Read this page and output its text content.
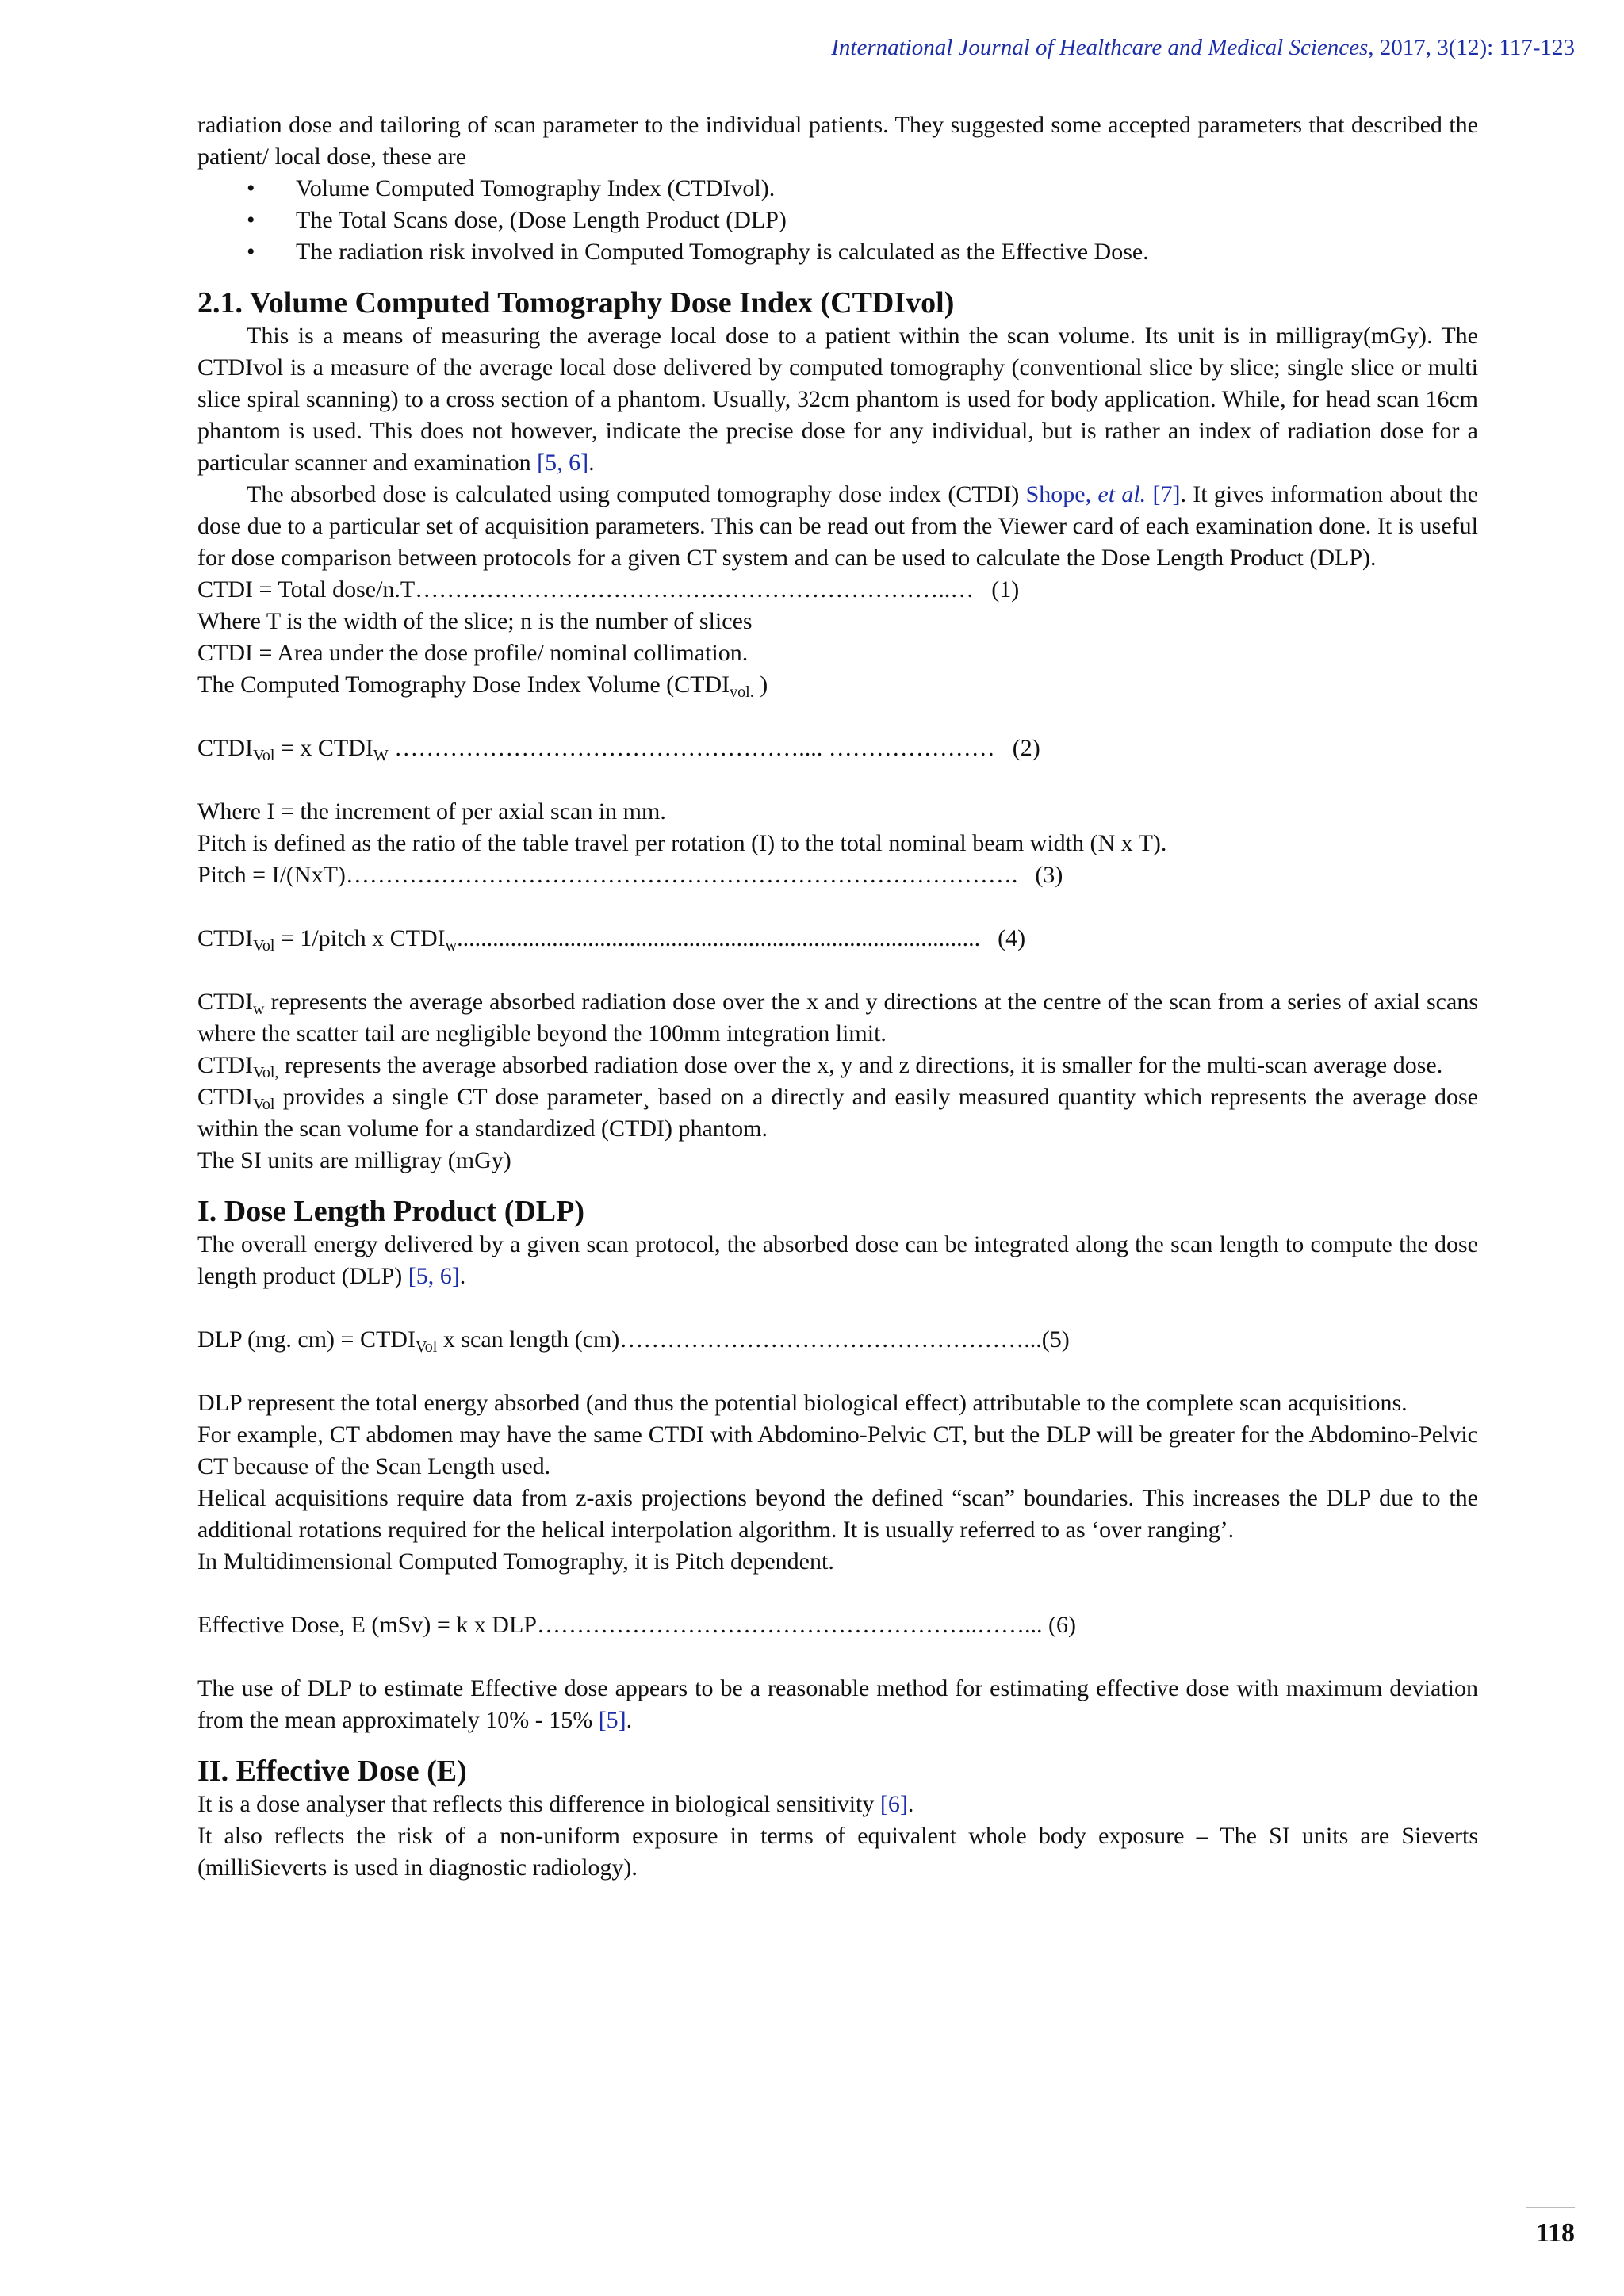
International Journal of Healthcare and Medical Sciences, 2017, 3(12): 117-123

radiation dose and tailoring of scan parameter to the individual patients. They suggested some accepted parameters that described the patient/ local dose, these are

• Volume Computed Tomography Index (CTDIvol).
• The Total Scans dose, (Dose Length Product (DLP)
• The radiation risk involved in Computed Tomography is calculated as the Effective Dose.
2.1. Volume Computed Tomography Dose Index (CTDIvol)

This is a means of measuring the average local dose to a patient within the scan volume. Its unit is in milligray(mGy). The CTDIvol is a measure of the average local dose delivered by computed tomography (conventional slice by slice; single slice or multi slice spiral scanning) to a cross section of a phantom. Usually, 32cm phantom is used for body application. While, for head scan 16cm phantom is used. This does not however, indicate the precise dose for any individual, but is rather an index of radiation dose for a particular scanner and examination [5, 6].

The absorbed dose is calculated using computed tomography dose index (CTDI) Shope, et al. [7]. It gives information about the dose due to a particular set of acquisition parameters. This can be read out from the Viewer card of each examination done. It is useful for dose comparison between protocols for a given CT system and can be used to calculate the Dose Length Product (DLP).

CTDI = Total dose/n.T…………………………………………………………..… (1)

Where T is the width of the slice; n is the number of slices

CTDI = Area under the dose profile/ nominal collimation.

The Computed Tomography Dose Index Volume ($CTDI_{vol.}$ )

$CTDI_{Vol} = x$ $CTDI_W$ …………………………………………….... ………………… (2)

Where I = the increment of per axial scan in mm.

Pitch is defined as the ratio of the table travel per rotation (I) to the total nominal beam width (N x T).

Pitch = I/(NxT)…………………………………………………………………………. (3)

$CTDI_{Vol}$ = 1/pitch x $CTDI_w$........................................................................................ (4)

$CTDI_w$ represents the average absorbed radiation dose over the x and y directions at the centre of the scan from a series of axial scans where the scatter tail are negligible beyond the 100mm integration limit.

$CTDI_{Vol,}$ represents the average absorbed radiation dose over the x, y and z directions, it is smaller for the multi-scan average dose.

$CTDI_{Vol}$ provides a single CT dose parameter¸ based on a directly and easily measured quantity which represents the average dose within the scan volume for a standardized (CTDI) phantom.

The SI units are milligray (mGy)

I. Dose Length Product (DLP)

The overall energy delivered by a given scan protocol, the absorbed dose can be integrated along the scan length to compute the dose length product (DLP) [5, 6].

DLP (mg. $cm) = CTDI_{Vol}$ x scan length (cm)……………………………………………...(5)

DLP represent the total energy absorbed (and thus the potential biological effect) attributable to the complete scan acquisitions.

For example, CT abdomen may have the same CTDI with Abdomino-Pelvic CT, but the DLP will be greater for the Abdomino-Pelvic CT because of the Scan Length used.

Helical acquisitions require data from z-axis projections beyond the defined “scan” boundaries. This increases the DLP due to the additional rotations required for the helical interpolation algorithm. It is usually referred to as ‘over ranging’.

In Multidimensional Computed Tomography, it is Pitch dependent.

Effective Dose, E (mSv) = k x DLP………………………………………………..……... (6)

The use of DLP to estimate Effective dose appears to be a reasonable method for estimating effective dose with maximum deviation from the mean approximately 10% - 15% [5].

II. Effective Dose (E)

It is a dose analyser that reflects this difference in biological sensitivity [6].

It also reflects the risk of a non-uniform exposure in terms of equivalent whole body exposure – The SI units are Sieverts (milliSieverts is used in diagnostic radiology).

118
